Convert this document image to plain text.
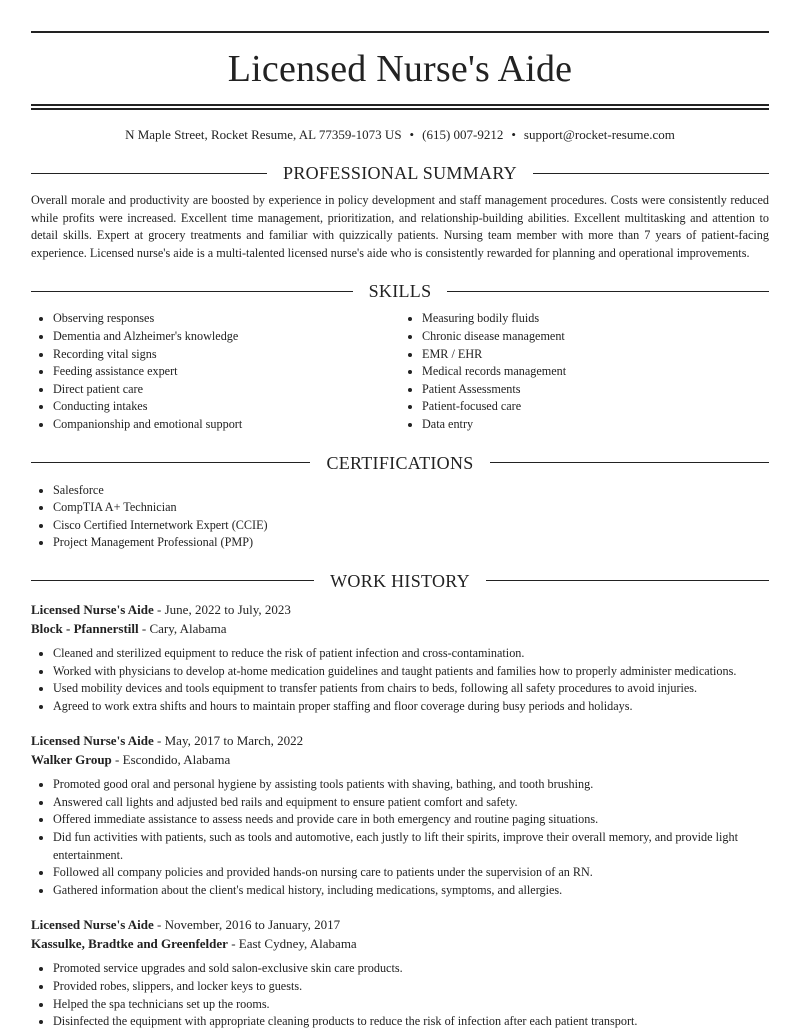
Licensed Nurse's Aide
N Maple Street, Rocket Resume, AL 77359-1073 US • (615) 007-9212 • support@rocket-resume.com
PROFESSIONAL SUMMARY

Overall morale and productivity are boosted by experience in policy development and staff management procedures. Costs were consistently reduced while profits were increased. Excellent time management, prioritization, and relationship-building abilities. Excellent multitasking and attention to detail skills. Expert at grocery treatments and familiar with quizzically patients. Nursing team member with more than 7 years of patient-facing experience. Licensed nurse's aide is a multi-talented licensed nurse's aide who is consistently rewarded for planning and operational improvements.

SKILLS
• Observing responses
• Dementia and Alzheimer's knowledge
• Recording vital signs
• Feeding assistance expert
• Direct patient care
• Conducting intakes
• Companionship and emotional support
• Measuring bodily fluids
• Chronic disease management
• EMR / EHR
• Medical records management
• Patient Assessments
• Patient-focused care
• Data entry
CERTIFICATIONS
• Salesforce
• CompTIA A+ Technician
• Cisco Certified Internetwork Expert (CCIE)
• Project Management Professional (PMP)
WORK HISTORY
Licensed Nurse's Aide - June, 2022 to July, 2023
Block - Pfannerstill - Cary, Alabama
• Cleaned and sterilized equipment to reduce the risk of patient infection and cross-contamination.
• Worked with physicians to develop at-home medication guidelines and taught patients and families how to properly administer medications.
• Used mobility devices and tools equipment to transfer patients from chairs to beds, following all safety procedures to avoid injuries.
• Agreed to work extra shifts and hours to maintain proper staffing and floor coverage during busy periods and holidays.
Licensed Nurse's Aide - May, 2017 to March, 2022
Walker Group - Escondido, Alabama
• Promoted good oral and personal hygiene by assisting tools patients with shaving, bathing, and tooth brushing.
• Answered call lights and adjusted bed rails and equipment to ensure patient comfort and safety.
• Offered immediate assistance to assess needs and provide care in both emergency and routine paging situations.
• Did fun activities with patients, such as tools and automotive, each justly to lift their spirits, improve their overall memory, and provide light entertainment.
• Followed all company policies and provided hands-on nursing care to patients under the supervision of an RN.
• Gathered information about the client's medical history, including medications, symptoms, and allergies.
Licensed Nurse's Aide - November, 2016 to January, 2017
Kassulke, Bradtke and Greenfelder - East Cydney, Alabama
• Promoted service upgrades and sold salon-exclusive skin care products.
• Provided robes, slippers, and locker keys to guests.
• Helped the spa technicians set up the rooms.
• Disinfected the equipment with appropriate cleaning products to reduce the risk of infection after each patient transport.
